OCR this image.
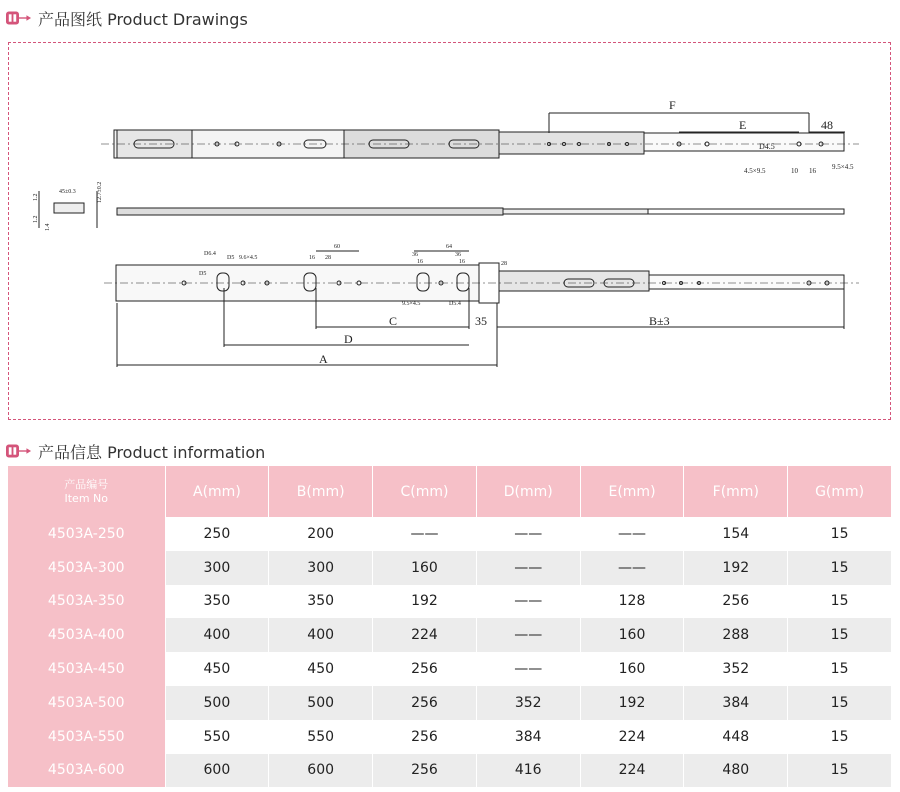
产品图纸 Product Drawings
F
E	48
D4.5
4.5×9.5	10 16 9.5×4.5
C
D
A
35	B±3
D6.4
D5 9.6×4.5
D5
16 28
60
36
16
64
36
16
9.5×4.5	D5.4
28
45±0.3	12.7±0.2
1.2
1.2
1.4
产品信息 Product information
产品编号
Item No	A(mm)	B(mm)	C(mm)	D(mm)	E(mm)	F(mm)	G(mm)
4503A-250	250	200	——	——	——	154	15
4503A-300	300	300	160	——	——	192	15
4503A-350	350	350	192	——	128	256	15
4503A-400	400	400	224	——	160	288	15
4503A-450	450	450	256	——	160	352	15
4503A-500	500	500	256	352	192	384	15
4503A-550	550	550	256	384	224	448	15
4503A-600	600	600	256	416	224	480	15
